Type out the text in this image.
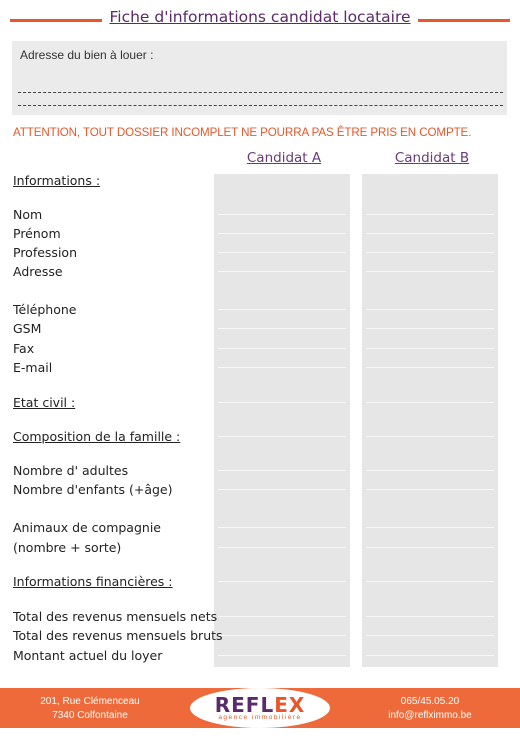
Fiche d'informations candidat locataire
Adresse du bien à louer :
ATTENTION, TOUT DOSSIER INCOMPLET NE POURRA PAS ÊTRE PRIS EN COMPTE.
Candidat A	Candidat B
Informations :
Nom
Prénom
Profession
Adresse
Téléphone
GSM
Fax
E-mail
Etat civil :
Composition de la famille :
Nombre d' adultes
Nombre d'enfants (+âge)
Animaux de compagnie
(nombre + sorte)
Informations financières :
Total des revenus mensuels nets
Total des revenus mensuels bruts
Montant actuel du loyer
201, Rue Clémenceau
7340 Colfontaine	REFLEX
agence immobilière
065/45.05.20
info@reflximmo.be
